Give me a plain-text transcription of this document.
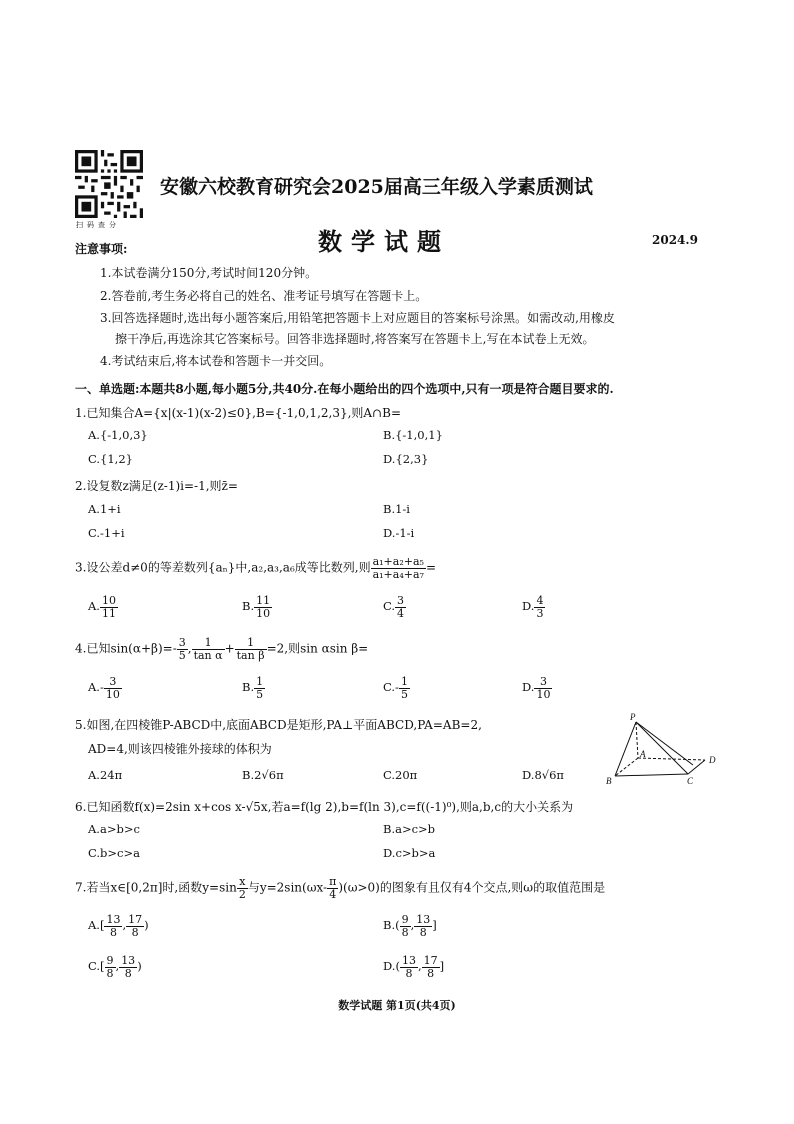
扫码查分
安徽六校教育研究会2025届高三年级入学素质测试
数学试题	2024.9
注意事项:
1.本试卷满分150分,考试时间120分钟。
2.答卷前,考生务必将自己的姓名、准考证号填写在答题卡上。
3.回答选择题时,选出每小题答案后,用铅笔把答题卡上对应题目的答案标号涂黑。如需改动,用橡皮
擦干净后,再选涂其它答案标号。回答非选择题时,将答案写在答题卡上,写在本试卷上无效。
4.考试结束后,将本试卷和答题卡一并交回。
一、单选题:本题共8小题,每小题5分,共40分.在每小题给出的四个选项中,只有一项是符合题目要求的.
1.已知集合A={x|(x-1)(x-2)≤0},B={-1,0,1,2,3},则A∩B=
A.{-1,0,3}	B.{-1,0,1}
C.{1,2}	D.{2,3}
2.设复数z满足(z-1)i=-1,则z̄=
A.1+i	B.1-i
C.-1+i	D.-1-i
3.设公差d≠0的等差数列{aₙ}中,a₂,a₃,a₆成等比数列,则 $\frac{\text{a₁+a₂+a₅}}{\text{a₁+a₄+a₇}}$ =
A. $\frac{10}{11}$	B. $\frac{11}{10}$	C. $\frac{3}{4}$	D. $\frac{4}{3}$
4.已知$\sin(\alpha+\beta)=- \frac{3}{5}$ , $\frac{1}{\text{tan α}} + \frac{1}{\text{tan β}} =2$,则sin αsin β=
$A.- \frac{3}{10}$	B. $\frac{1}{5}$	$C.- \frac{1}{5}$	D. $\frac{3}{10}$
5.如图,在四棱锥P-ABCD中,底面ABCD是矩形,PA⊥平面ABCD,PA=AB=2,
AD=4,则该四棱锥外接球的体积为
A.24π	B.2√6π	C.20π	D.8√6π
P
A
B	C
D
6.已知函数f(x)=2sin x+cos x-√5x,若a=f(lg 2),b=f(ln 3),c=f((-1)⁰),则a,b,c的大小关系为
A.a>b>c	B.a>c>b
C.b>c>a	D.c>b>a
7.若当x∈[0,2π]时,函数$y=\sin \frac{x}{2}$ 与$y=2\sin(\omega x- \frac{\pi}{4} )(\omega>0)$的图象有且仅有4个交点,则ω的取值范围是
$A.[ \frac{13}{8}$ , $\frac{17}{8}$ )	$B.( \frac{9}{8}$ , $\frac{13}{8}$ ]
$C.[ \frac{9}{8}$ , $\frac{13}{8}$ )	$D.( \frac{13}{8}$ , $\frac{17}{8}$ ]
数学试题 第1页(共4页)
